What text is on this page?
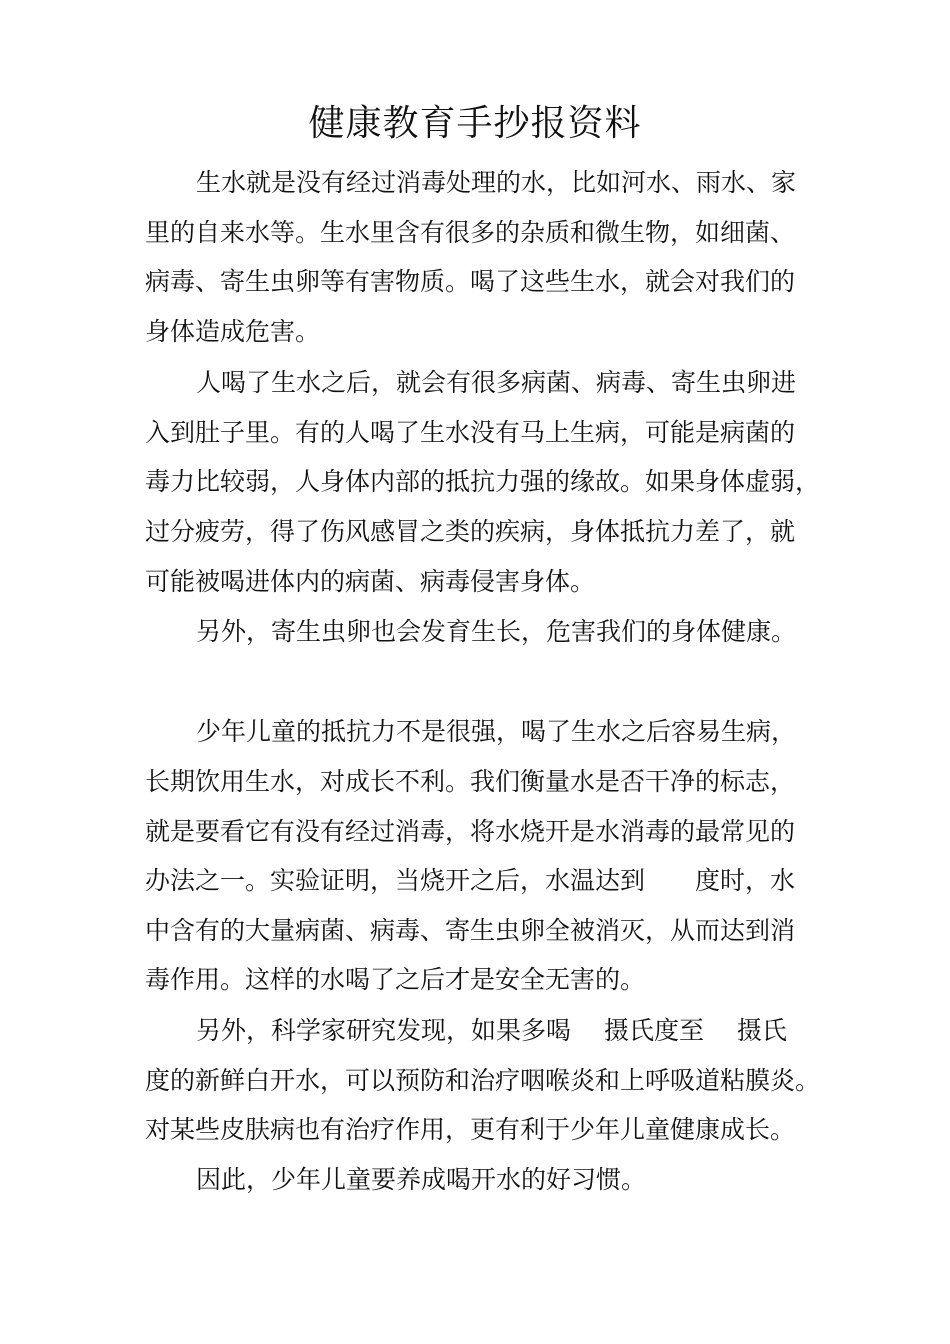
健康教育手抄报资料

生水就是没有经过消毒处理的水，比如河水、雨水、家

里的自来水等。生水里含有很多的杂质和微生物，如细菌、

病毒、寄生虫卵等有害物质。喝了这些生水，就会对我们的

身体造成危害。

人喝了生水之后，就会有很多病菌、病毒、寄生虫卵进

入到肚子里。有的人喝了生水没有马上生病，可能是病菌的

毒力比较弱，人身体内部的抵抗力强的缘故。如果身体虚弱，

过分疲劳，得了伤风感冒之类的疾病，身体抵抗力差了，就

可能被喝进体内的病菌、病毒侵害身体。

另外，寄生虫卵也会发育生长，危害我们的身体健康。

少年儿童的抵抗力不是很强，喝了生水之后容易生病，

长期饮用生水，对成长不利。我们衡量水是否干净的标志，

就是要看它有没有经过消毒，将水烧开是水消毒的最常见的

办法之一。实验证明，当烧开之后，水温达到　　度时，水

中含有的大量病菌、病毒、寄生虫卵全被消灭，从而达到消

毒作用。这样的水喝了之后才是安全无害的。

另外，科学家研究发现，如果多喝　 摄氏度至　 摄氏

度的新鲜白开水，可以预防和治疗咽喉炎和上呼吸道粘膜炎。

对某些皮肤病也有治疗作用，更有利于少年儿童健康成长。

因此，少年儿童要养成喝开水的好习惯。
